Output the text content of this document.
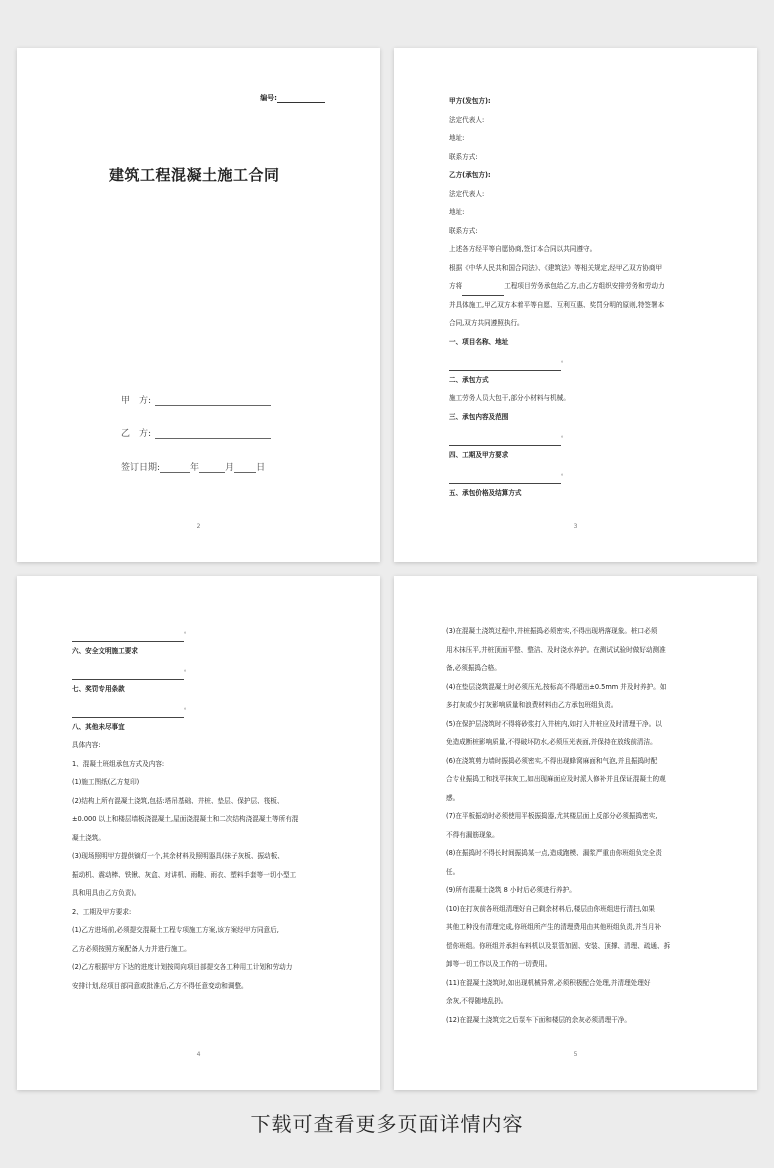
编号:
建筑工程混凝土施工合同
甲　方:
乙　方:
签订日期:	年	月 日
2

甲方(发包方):

法定代表人:

地址:

联系方式:

乙方(承包方):

法定代表人:

地址:

联系方式:

上述各方经平等自愿协商,签订本合同以共同遵守。

根据《中华人民共和国合同法》、《建筑法》等相关规定,经甲乙双方协商甲

方将	工程项目劳务承包给乙方,由乙方组织安排劳务和劳动力

并具体施工,甲乙双方本着平等自愿、互利互惠、奖罚分明的原则,特签署本

合同,双方共同遵照执行。

一、项目名称、地址

。

二、承包方式

施工劳务人员大包干,部分小材料与机械。

三、承包内容及范围

。

四、工期及甲方要求

。

五、承包价格及结算方式

3

。

六、安全文明施工要求

。

七、奖罚专用条款

。

八、其他未尽事宜

具体内容:

1、混凝土班组承包方式及内容:

(1)施工图纸(乙方复印)

(2)结构上所有混凝土浇筑,包括:塔吊基础、井桩、垫层、保护层、筏板、

±0.000 以上和楼层墙板浇混凝土,屋面浇混凝土和二次结构浇混凝土等所有混

凝土浇筑。

(3)现场照明甲方提供镝灯一个,其余材料及照明器具(抹子灰板、振动板、

振动机、震动棒、铁锹、灰盒、对讲机、雨鞋、雨衣、塑料手套等一切小型工

具和用具由乙方负责)。

2、工期及甲方要求:

(1)乙方进场前,必须提交混凝土工程专项施工方案,该方案经甲方同意后,

乙方必须按照方案配备人力并进行施工。

(2)乙方根据甲方下达的进度计划按周向项目部提交各工种用工计划和劳动力

安排计划,经项目部同意或批准后,乙方不得任意变动和调整。

4

(3)在混凝土浇筑过程中,井桩振捣必须密实,不得出现坍落现象。桩口必须

用木抹压平,井桩顶面平整、整洁、及时浇水养护。在测试试验时做好动测准

备,必须振捣合格。

(4)在垫层浇筑混凝土时必须压光,按标高不得超出±0.5mm 并及时养护。如

多打灰或少打灰影响质量和浪费材料由乙方承包班组负责。

(5)在保护层浇筑时不得将砂浆打入井桩内,如打入井桩应及时清理干净。以

免造成断桩影响质量,不得破坏防水,必须压光表面,并保持在放线前清洁。

(6)在浇筑剪力墙时振捣必须密实,不得出现蜂窝麻面和气泡,并且振捣时配

合专业振捣工和找平抹灰工,如出现麻面应及时派人修补并且保证混凝土的观

感。

(7)在平板振动时必须使用平板振捣器,尤其楼层面上反部分必须振捣密实,

不得有漏筋现象。

(8)在振捣时不得长时间振捣某一点,造成跑模、漏浆严重由你班组负完全责

任。

(9)所有混凝土浇筑 8 小时后必须进行养护。

(10)在打灰前各班组清理好自己剩余材料后,楼层由你班组进行清扫,如果

其他工种没有清理完成,你班组所产生的清理费用由其他班组负责,并当月补

偿你班组。你班组并承担布料机以及泵管加固、安装、顶撑、清理、疏通、拆

卸等一切工作以及工作的一切费用。

(11)在混凝土浇筑时,如出现机械异常,必须积极配合处理,并清理处理好

余灰,不得随地乱扔。

(12)在混凝土浇筑完之后泵车下面和楼层的余灰必须清理干净。

5
下载可查看更多页面详情内容
